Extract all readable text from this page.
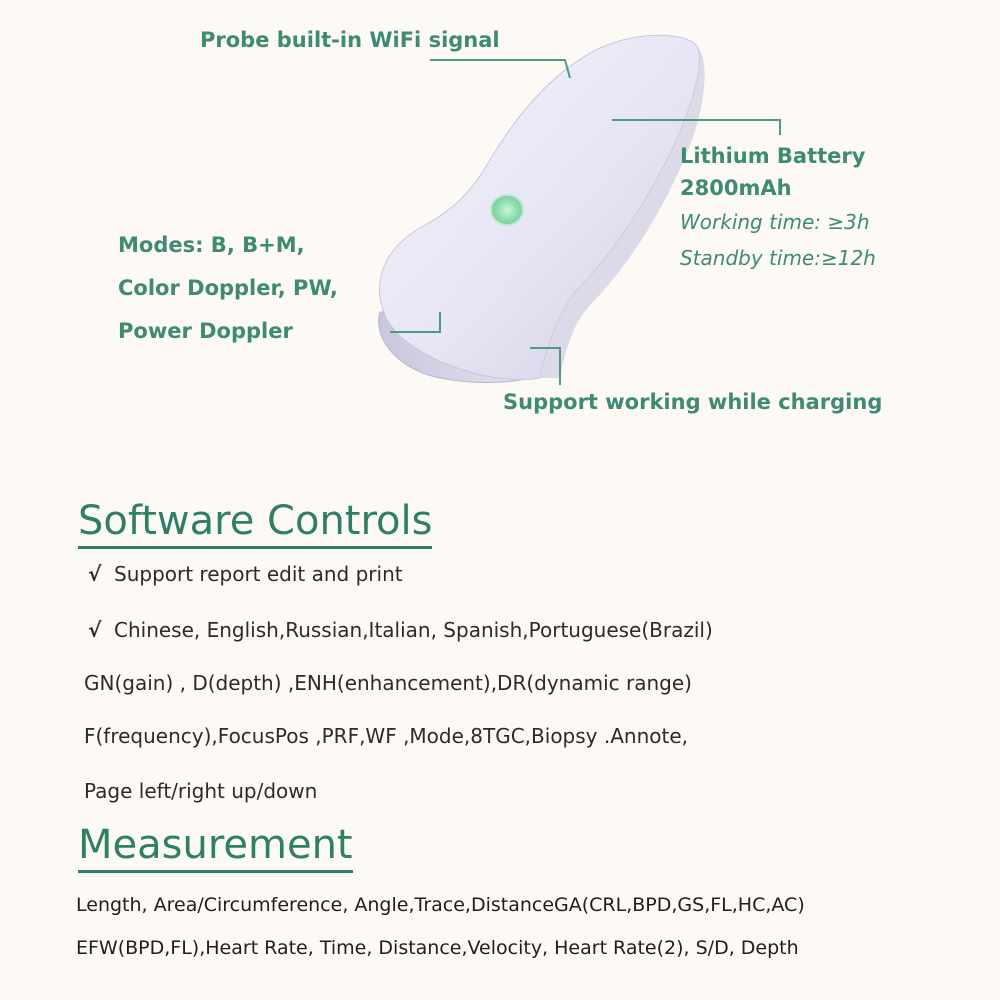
Probe built-in WiFi signal
Lithium Battery
2800mAh
Working time: ≥3h
Standby time:≥12h
Modes: B, B+M,
Color Doppler, PW,
Power Doppler
Support working while charging
Software Controls
√ Support report edit and print
√ Chinese, English,Russian,Italian, Spanish,Portuguese(Brazil)
GN(gain) , D(depth) ,ENH(enhancement),DR(dynamic range)
F(frequency),FocusPos ,PRF,WF ,Mode,8TGC,Biopsy .Annote,
Page left/right up/down
Measurement
Length, Area/Circumference, Angle,Trace,DistanceGA(CRL,BPD,GS,FL,HC,AC)
EFW(BPD,FL),Heart Rate, Time, Distance,Velocity, Heart Rate(2), S/D, Depth
